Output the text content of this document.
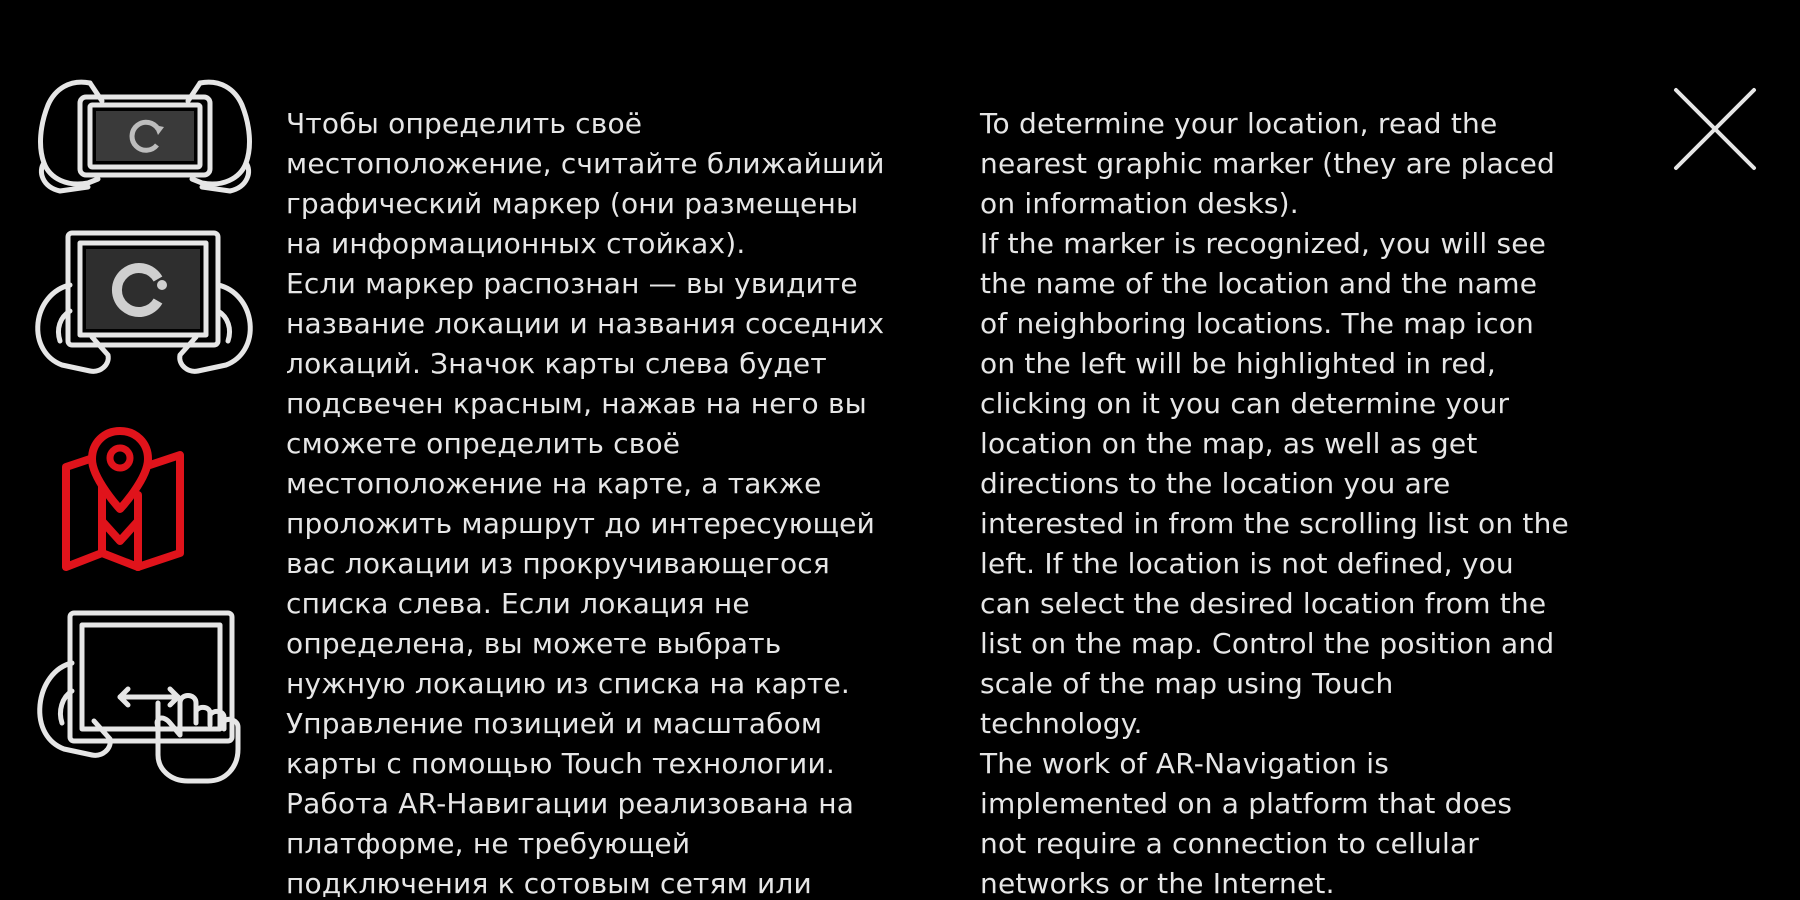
Чтобы определить своё
местоположение, считайте ближайший
графический маркер (они размещены
на информационных стойках).
Если маркер распознан — вы увидите
название локации и названия соседних
локаций. Значок карты слева будет
подсвечен красным, нажав на него вы
сможете определить своё
местоположение на карте, а также
проложить маршрут до интересующей
вас локации из прокручивающегося
списка слева. Если локация не
определена, вы можете выбрать
нужную локацию из списка на карте.
Управление позицией и масштабом
карты с помощью Touch технологии.
Работа AR-Навигации реализована на
платформе, не требующей
подключения к сотовым сетям или

To determine your location, read the
nearest graphic marker (they are placed
on information desks).
If the marker is recognized, you will see
the name of the location and the name
of neighboring locations. The map icon
on the left will be highlighted in red,
clicking on it you can determine your
location on the map, as well as get
directions to the location you are
interested in from the scrolling list on the
left. If the location is not defined, you
can select the desired location from the
list on the map. Control the position and
scale of the map using Touch
technology.
The work of AR-Navigation is
implemented on a platform that does
not require a connection to cellular
networks or the Internet.
